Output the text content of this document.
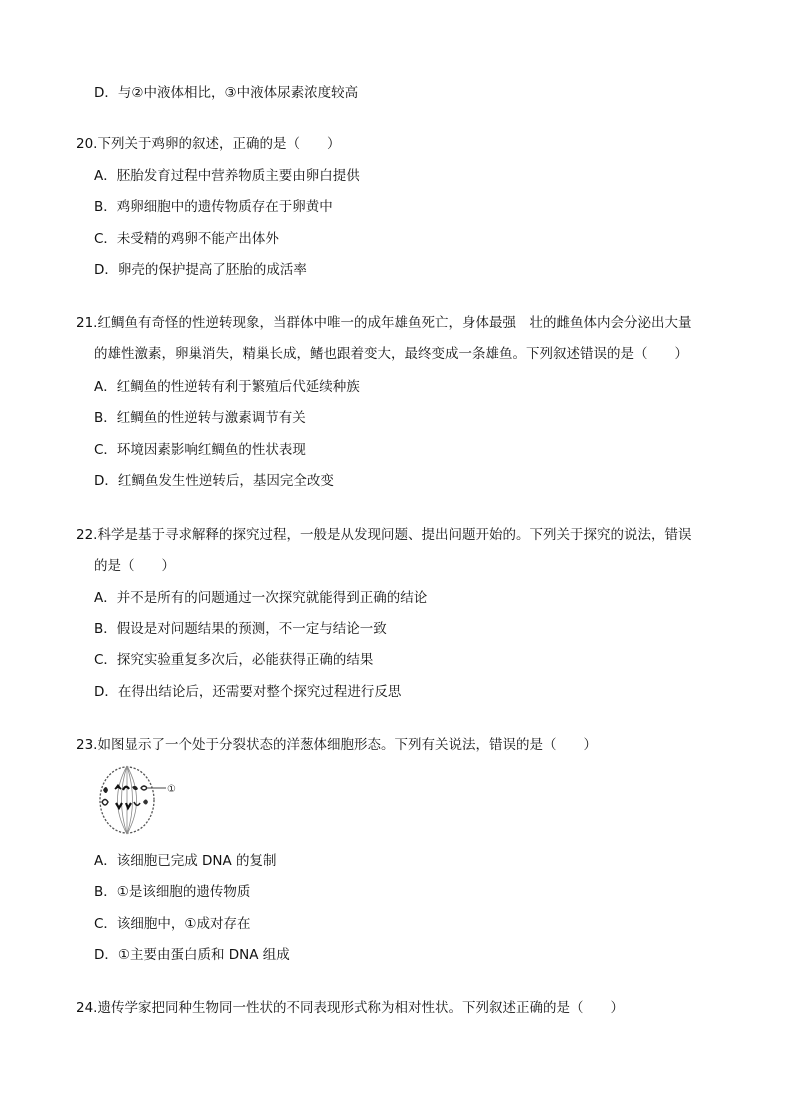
D．与②中液体相比，③中液体尿素浓度较高
20.下列关于鸡卵的叙述，正确的是（　　）
A．胚胎发育过程中营养物质主要由卵白提供
B．鸡卵细胞中的遗传物质存在于卵黄中
C．未受精的鸡卵不能产出体外
D．卵壳的保护提高了胚胎的成活率
21.红鲷鱼有奇怪的性逆转现象，当群体中唯一的成年雄鱼死亡，身体最强　壮的雌鱼体内会分泌出大量
的雄性激素，卵巢消失，精巢长成，鳍也跟着变大，最终变成一条雄鱼。下列叙述错误的是（　　）
A．红鲷鱼的性逆转有利于繁殖后代延续种族
B．红鲷鱼的性逆转与激素调节有关
C．环境因素影响红鲷鱼的性状表现
D．红鲷鱼发生性逆转后，基因完全改变
22.科学是基于寻求解释的探究过程，一般是从发现问题、提出问题开始的。下列关于探究的说法，错误
的是（　　）
A．并不是所有的问题通过一次探究就能得到正确的结论
B．假设是对问题结果的预测，不一定与结论一致
C．探究实验重复多次后，必能获得正确的结果
D．在得出结论后，还需要对整个探究过程进行反思
23.如图显示了一个处于分裂状态的洋葱体细胞形态。下列有关说法，错误的是（　　）
①
A．该细胞已完成 DNA 的复制
B．①是该细胞的遗传物质
C．该细胞中，①成对存在
D．①主要由蛋白质和 DNA 组成
24.遗传学家把同种生物同一性状的不同表现形式称为相对性状。下列叙述正确的是（　　）
